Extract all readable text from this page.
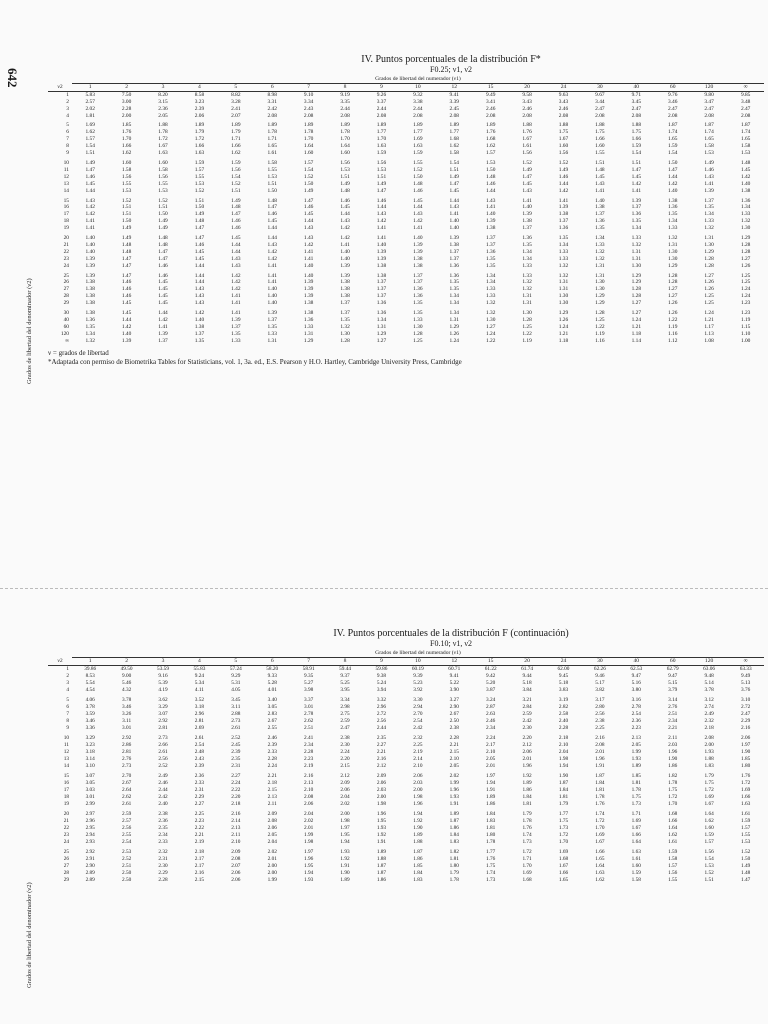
642
IV. Puntos porcentuales de la distribución F*
F0.25; ν1, ν2
Grados de libertad del denominador (ν2)
	Grados de libertad del numerador (ν1)																		
ν2	1	2	3	4	5	6	7	8	9	10	12	15	20	24	30	40	60	120	∞
1	5.83	7.50	8.20	8.58	8.82	8.98	9.10	9.19	9.26	9.32	9.41	9.49	9.58	9.63	9.67	9.71	9.76	9.80	9.85
2	2.57	3.00	3.15	3.23	3.28	3.31	3.34	3.35	3.37	3.38	3.39	3.41	3.43	3.43	3.44	3.45	3.46	3.47	3.48
3	2.02	2.28	2.36	2.39	2.41	2.42	2.43	2.44	2.44	2.44	2.45	2.46	2.46	2.46	2.47	2.47	2.47	2.47	2.47
4	1.81	2.00	2.05	2.06	2.07	2.08	2.08	2.08	2.08	2.08	2.08	2.08	2.08	2.08	2.08	2.08	2.08	2.08	2.08
5	1.69	1.85	1.88	1.89	1.89	1.89	1.89	1.89	1.89	1.89	1.89	1.89	1.88	1.88	1.88	1.88	1.87	1.87	1.87
6	1.62	1.76	1.78	1.79	1.79	1.78	1.78	1.78	1.77	1.77	1.77	1.76	1.76	1.75	1.75	1.75	1.74	1.74	1.74
7	1.57	1.70	1.72	1.72	1.71	1.71	1.70	1.70	1.70	1.69	1.68	1.68	1.67	1.67	1.66	1.66	1.65	1.65	1.65
8	1.54	1.66	1.67	1.66	1.66	1.65	1.64	1.64	1.63	1.63	1.62	1.62	1.61	1.60	1.60	1.59	1.59	1.58	1.58
9	1.51	1.62	1.63	1.63	1.62	1.61	1.60	1.60	1.59	1.59	1.58	1.57	1.56	1.56	1.55	1.54	1.54	1.53	1.53
10	1.49	1.60	1.60	1.59	1.59	1.58	1.57	1.56	1.56	1.55	1.54	1.53	1.52	1.52	1.51	1.51	1.50	1.49	1.48
11	1.47	1.58	1.58	1.57	1.56	1.55	1.54	1.53	1.53	1.52	1.51	1.50	1.49	1.49	1.48	1.47	1.47	1.46	1.45
12	1.46	1.56	1.56	1.55	1.54	1.53	1.52	1.51	1.51	1.50	1.49	1.48	1.47	1.46	1.45	1.45	1.44	1.43	1.42
13	1.45	1.55	1.55	1.53	1.52	1.51	1.50	1.49	1.49	1.48	1.47	1.46	1.45	1.44	1.43	1.42	1.42	1.41	1.40
14	1.44	1.53	1.53	1.52	1.51	1.50	1.49	1.48	1.47	1.46	1.45	1.44	1.43	1.42	1.41	1.41	1.40	1.39	1.38
15	1.43	1.52	1.52	1.51	1.49	1.48	1.47	1.46	1.46	1.45	1.44	1.43	1.41	1.41	1.40	1.39	1.38	1.37	1.36
16	1.42	1.51	1.51	1.50	1.48	1.47	1.46	1.45	1.44	1.44	1.43	1.41	1.40	1.39	1.38	1.37	1.36	1.35	1.34
17	1.42	1.51	1.50	1.49	1.47	1.46	1.45	1.44	1.43	1.43	1.41	1.40	1.39	1.38	1.37	1.36	1.35	1.34	1.33
18	1.41	1.50	1.49	1.48	1.46	1.45	1.44	1.43	1.42	1.42	1.40	1.39	1.38	1.37	1.36	1.35	1.34	1.33	1.32
19	1.41	1.49	1.49	1.47	1.46	1.44	1.43	1.42	1.41	1.41	1.40	1.38	1.37	1.36	1.35	1.34	1.33	1.32	1.30
20	1.40	1.49	1.48	1.47	1.45	1.44	1.43	1.42	1.41	1.40	1.39	1.37	1.36	1.35	1.34	1.33	1.32	1.31	1.29
21	1.40	1.48	1.48	1.46	1.44	1.43	1.42	1.41	1.40	1.39	1.38	1.37	1.35	1.34	1.33	1.32	1.31	1.30	1.28
22	1.40	1.48	1.47	1.45	1.44	1.42	1.41	1.40	1.39	1.39	1.37	1.36	1.34	1.33	1.32	1.31	1.30	1.29	1.28
23	1.39	1.47	1.47	1.45	1.43	1.42	1.41	1.40	1.39	1.38	1.37	1.35	1.34	1.33	1.32	1.31	1.30	1.28	1.27
24	1.39	1.47	1.46	1.44	1.43	1.41	1.40	1.39	1.38	1.38	1.36	1.35	1.33	1.32	1.31	1.30	1.29	1.28	1.26
25	1.39	1.47	1.46	1.44	1.42	1.41	1.40	1.39	1.38	1.37	1.36	1.34	1.33	1.32	1.31	1.29	1.28	1.27	1.25
26	1.38	1.46	1.45	1.44	1.42	1.41	1.39	1.38	1.37	1.37	1.35	1.34	1.32	1.31	1.30	1.29	1.28	1.26	1.25
27	1.38	1.46	1.45	1.43	1.42	1.40	1.39	1.38	1.37	1.36	1.35	1.33	1.32	1.31	1.30	1.28	1.27	1.26	1.24
28	1.38	1.46	1.45	1.43	1.41	1.40	1.39	1.38	1.37	1.36	1.34	1.33	1.31	1.30	1.29	1.28	1.27	1.25	1.24
29	1.38	1.45	1.45	1.43	1.41	1.40	1.38	1.37	1.36	1.35	1.34	1.32	1.31	1.30	1.29	1.27	1.26	1.25	1.23
30	1.38	1.45	1.44	1.42	1.41	1.39	1.38	1.37	1.36	1.35	1.34	1.32	1.30	1.29	1.28	1.27	1.26	1.24	1.23
40	1.36	1.44	1.42	1.40	1.39	1.37	1.36	1.35	1.34	1.33	1.31	1.30	1.28	1.26	1.25	1.24	1.22	1.21	1.19
60	1.35	1.42	1.41	1.38	1.37	1.35	1.33	1.32	1.31	1.30	1.29	1.27	1.25	1.24	1.22	1.21	1.19	1.17	1.15
120	1.34	1.40	1.39	1.37	1.35	1.33	1.31	1.30	1.29	1.28	1.26	1.24	1.22	1.21	1.19	1.18	1.16	1.13	1.10
∞	1.32	1.39	1.37	1.35	1.33	1.31	1.29	1.28	1.27	1.25	1.24	1.22	1.19	1.18	1.16	1.14	1.12	1.08	1.00
ν = grados de libertad
*Adaptada con permiso de Biometrika Tables for Statisticians, vol. 1, 3a. ed., E.S. Pearson y H.O. Hartley, Cambridge University Press, Cambridge
IV. Puntos porcentuales de la distribución F (continuación)
F0.10; ν1, ν2
Grados de libertad del denominador (ν2)
	Grados de libertad del numerador (ν1)																		
ν2	1	2	3	4	5	6	7	8	9	10	12	15	20	24	30	40	60	120	∞
1	39.86	49.50	53.59	55.83	57.24	58.20	58.91	59.44	59.86	60.19	60.71	61.22	61.74	62.00	62.26	62.53	62.79	63.06	63.33
2	8.53	9.00	9.16	9.24	9.29	9.33	9.35	9.37	9.38	9.39	9.41	9.42	9.44	9.45	9.46	9.47	9.47	9.48	9.49
3	5.54	5.46	5.39	5.34	5.31	5.28	5.27	5.25	5.24	5.23	5.22	5.20	5.18	5.18	5.17	5.16	5.15	5.14	5.13
4	4.54	4.32	4.19	4.11	4.05	4.01	3.98	3.95	3.94	3.92	3.90	3.87	3.84	3.83	3.82	3.80	3.79	3.78	3.76
5	4.06	3.78	3.62	3.52	3.45	3.40	3.37	3.34	3.32	3.30	3.27	3.24	3.21	3.19	3.17	3.16	3.14	3.12	3.10
6	3.78	3.46	3.29	3.18	3.11	3.05	3.01	2.98	2.96	2.94	2.90	2.87	2.84	2.82	2.80	2.78	2.76	2.74	2.72
7	3.59	3.26	3.07	2.96	2.88	2.83	2.78	2.75	2.72	2.70	2.67	2.63	2.59	2.58	2.56	2.54	2.51	2.49	2.47
8	3.46	3.11	2.92	2.81	2.73	2.67	2.62	2.59	2.56	2.54	2.50	2.46	2.42	2.40	2.38	2.36	2.34	2.32	2.29
9	3.36	3.01	2.81	2.69	2.61	2.55	2.51	2.47	2.44	2.42	2.38	2.34	2.30	2.28	2.25	2.23	2.21	2.18	2.16
10	3.29	2.92	2.73	2.61	2.52	2.46	2.41	2.38	2.35	2.32	2.28	2.24	2.20	2.18	2.16	2.13	2.11	2.08	2.06
11	3.23	2.86	2.66	2.54	2.45	2.39	2.34	2.30	2.27	2.25	2.21	2.17	2.12	2.10	2.08	2.05	2.03	2.00	1.97
12	3.18	2.81	2.61	2.48	2.39	2.33	2.28	2.24	2.21	2.19	2.15	2.10	2.06	2.04	2.01	1.99	1.96	1.93	1.90
13	3.14	2.76	2.56	2.43	2.35	2.28	2.23	2.20	2.16	2.14	2.10	2.05	2.01	1.98	1.96	1.93	1.90	1.88	1.85
14	3.10	2.73	2.52	2.39	2.31	2.24	2.19	2.15	2.12	2.10	2.05	2.01	1.96	1.94	1.91	1.89	1.86	1.83	1.80
15	3.07	2.70	2.49	2.36	2.27	2.21	2.16	2.12	2.09	2.06	2.02	1.97	1.92	1.90	1.87	1.85	1.82	1.79	1.76
16	3.05	2.67	2.46	2.33	2.24	2.18	2.13	2.09	2.06	2.03	1.99	1.94	1.89	1.87	1.84	1.81	1.78	1.75	1.72
17	3.03	2.64	2.44	2.31	2.22	2.15	2.10	2.06	2.03	2.00	1.96	1.91	1.86	1.84	1.81	1.78	1.75	1.72	1.69
18	3.01	2.62	2.42	2.29	2.20	2.13	2.08	2.04	2.00	1.98	1.93	1.89	1.84	1.81	1.78	1.75	1.72	1.69	1.66
19	2.99	2.61	2.40	2.27	2.18	2.11	2.06	2.02	1.98	1.96	1.91	1.86	1.81	1.79	1.76	1.73	1.70	1.67	1.63
20	2.97	2.59	2.38	2.25	2.16	2.09	2.04	2.00	1.96	1.94	1.89	1.84	1.79	1.77	1.74	1.71	1.68	1.64	1.61
21	2.96	2.57	2.36	2.23	2.14	2.08	2.02	1.98	1.95	1.92	1.87	1.83	1.78	1.75	1.72	1.69	1.66	1.62	1.59
22	2.95	2.56	2.35	2.22	2.13	2.06	2.01	1.97	1.93	1.90	1.86	1.81	1.76	1.73	1.70	1.67	1.64	1.60	1.57
23	2.94	2.55	2.34	2.21	2.11	2.05	1.99	1.95	1.92	1.89	1.84	1.80	1.74	1.72	1.69	1.66	1.62	1.59	1.55
24	2.93	2.54	2.33	2.19	2.10	2.04	1.98	1.94	1.91	1.88	1.83	1.78	1.73	1.70	1.67	1.64	1.61	1.57	1.53
25	2.92	2.53	2.32	2.18	2.09	2.02	1.97	1.93	1.89	1.87	1.82	1.77	1.72	1.69	1.66	1.63	1.59	1.56	1.52
26	2.91	2.52	2.31	2.17	2.08	2.01	1.96	1.92	1.88	1.86	1.81	1.76	1.71	1.68	1.65	1.61	1.58	1.54	1.50
27	2.90	2.51	2.30	2.17	2.07	2.00	1.95	1.91	1.87	1.85	1.80	1.75	1.70	1.67	1.64	1.60	1.57	1.53	1.49
28	2.89	2.50	2.29	2.16	2.06	2.00	1.94	1.90	1.87	1.84	1.79	1.74	1.69	1.66	1.63	1.59	1.56	1.52	1.48
29	2.89	2.50	2.28	2.15	2.06	1.99	1.93	1.89	1.86	1.83	1.78	1.73	1.68	1.65	1.62	1.58	1.55	1.51	1.47
